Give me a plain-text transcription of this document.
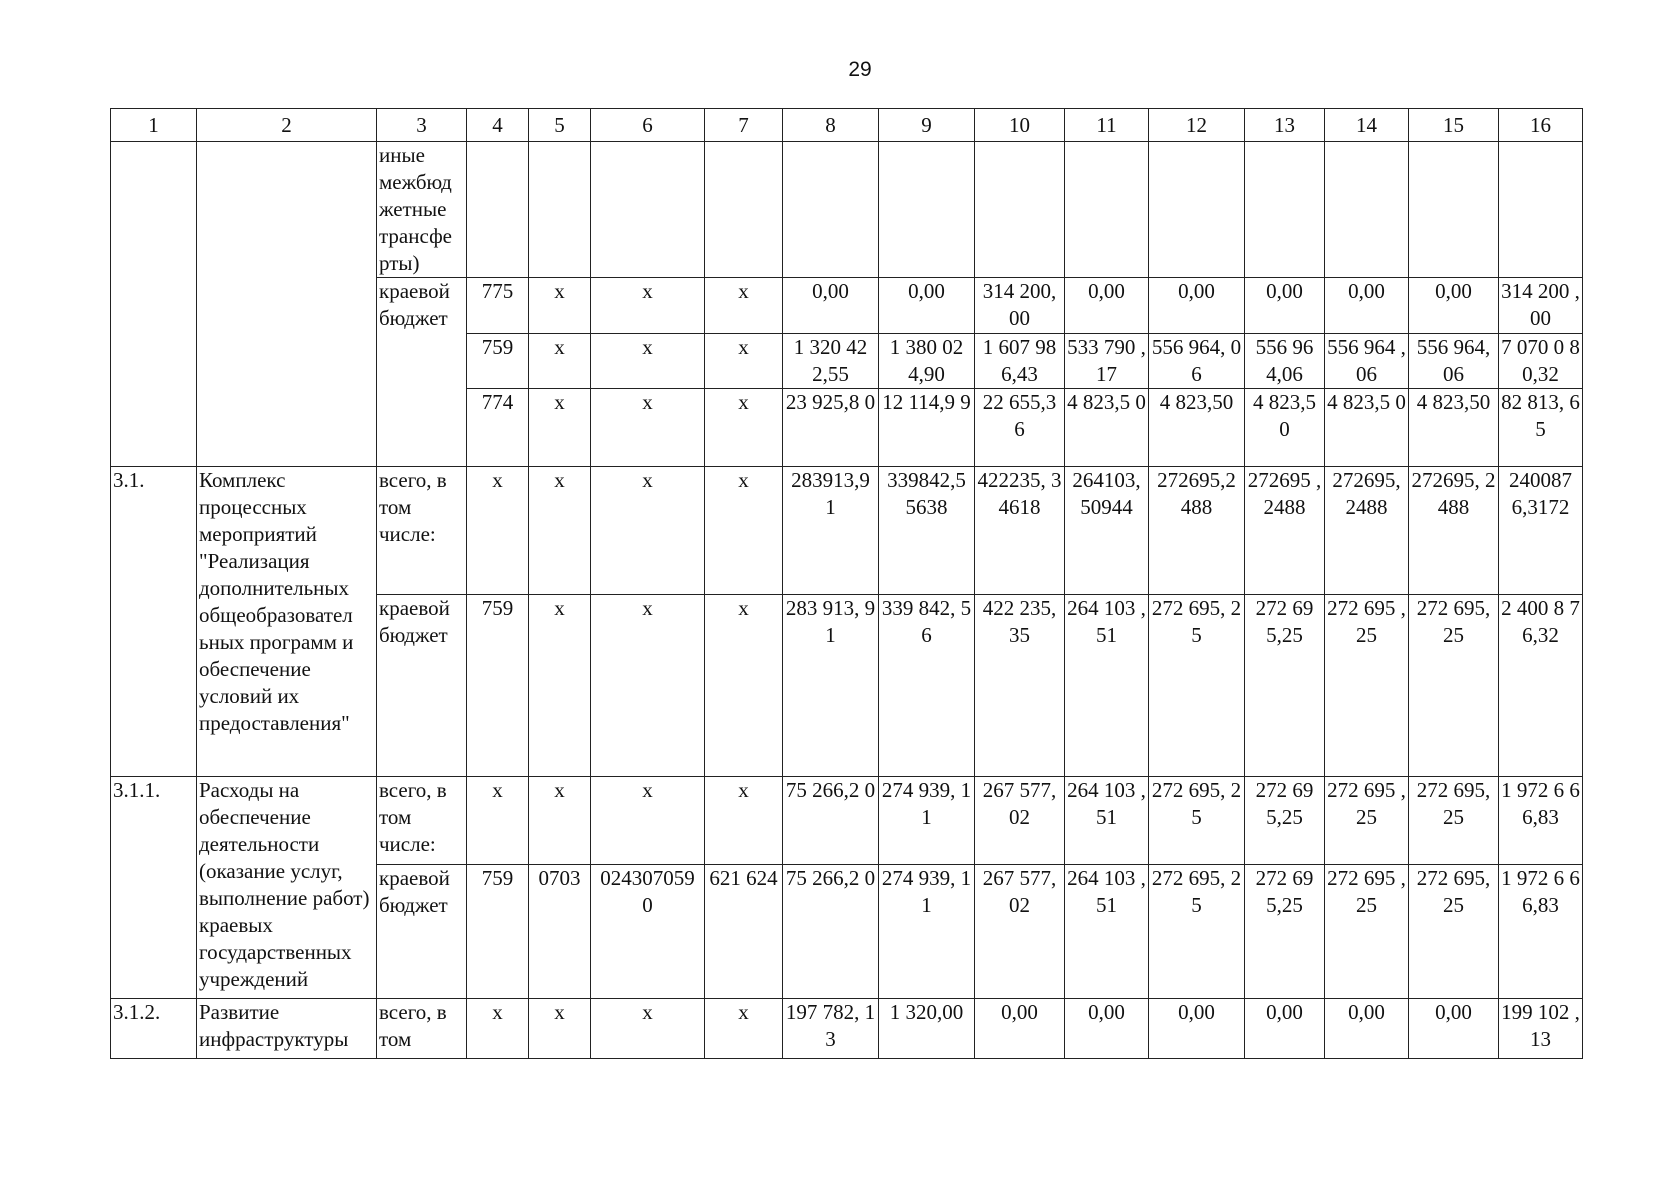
29
1	2	3	4	5	6	7	8	9	10	11	12	13	14	15	16
		иные межбюд жетные трансфе рты)													
		краевой бюджет	775	x	x	x	0,00	0,00	314 200, 00	0,00	0,00	0,00	0,00	0,00	314 200 ,00
			759	x	x	x	1 320 42 2,55	1 380 02 4,90	1 607 98 6,43	533 790 ,17	556 964, 06	556 96 4,06	556 964 ,06	556 964, 06	7 070 0 80,32
			774	x	x	x	23 925,8 0	12 114,9 9	22 655,3 6	4 823,5 0	4 823,50	4 823,5 0	4 823,5 0	4 823,50	82 813, 65
3.1.	Комплекс процессных мероприятий "Реализация дополнительных общеобразовател ьных программ и обеспечение условий их предоставления"	всего, в том числе:	x	x	x	x	283913,9 1	339842,5 5638	422235, 34618	264103, 50944	272695,2 488	272695 ,2488	272695, 2488	272695, 2488	240087 6,3172
		краевой бюджет	759	x	x	x	283 913, 91	339 842, 56	422 235, 35	264 103 ,51	272 695, 25	272 69 5,25	272 695 ,25	272 695, 25	2 400 8 76,32
3.1.1.	Расходы на обеспечение деятельности (оказание услуг, выполнение работ) краевых государственных учреждений	всего, в том числе:	x	x	x	x	75 266,2 0	274 939, 11	267 577, 02	264 103 ,51	272 695, 25	272 69 5,25	272 695 ,25	272 695, 25	1 972 6 66,83
		краевой бюджет	759	0703	024307059 0	621 624	75 266,2 0	274 939, 11	267 577, 02	264 103 ,51	272 695, 25	272 69 5,25	272 695 ,25	272 695, 25	1 972 6 66,83
3.1.2.	Развитие инфраструктуры	всего, в том	x	x	x	x	197 782, 13	1 320,00	0,00	0,00	0,00	0,00	0,00	0,00	199 102 ,13
